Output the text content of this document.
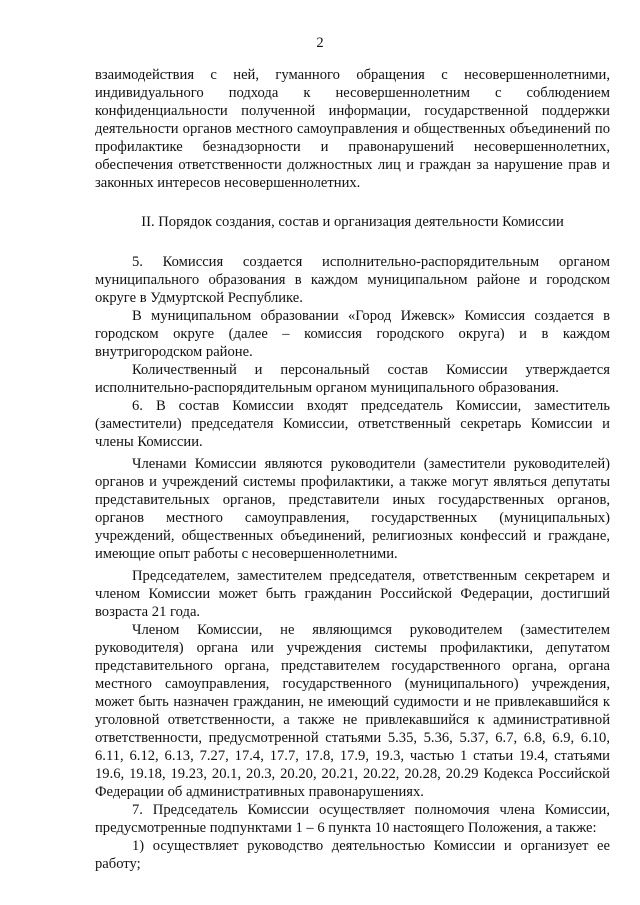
2

взаимодействия с ней, гуманного обращения с несовершеннолетними, индивидуального подхода к несовершеннолетним с соблюдением конфиденциальности полученной информации, государственной поддержки деятельности органов местного самоуправления и общественных объединений по профилактике безнадзорности и правонарушений несовершеннолетних, обеспечения ответственности должностных лиц и граждан за нарушение прав и законных интересов несовершеннолетних.

II. Порядок создания, состав и организация деятельности Комиссии

5. Комиссия создается исполнительно-распорядительным органом муниципального образования в каждом муниципальном районе и городском округе в Удмуртской Республике.

В муниципальном образовании «Город Ижевск» Комиссия создается в городском округе (далее – комиссия городского округа) и в каждом внутригородском районе.

Количественный и персональный состав Комиссии утверждается исполнительно-распорядительным органом муниципального образования.

6. В состав Комиссии входят председатель Комиссии, заместитель (заместители) председателя Комиссии, ответственный секретарь Комиссии и члены Комиссии.

Членами Комиссии являются руководители (заместители руководителей) органов и учреждений системы профилактики, а также могут являться депутаты представительных органов, представители иных государственных органов, органов местного самоуправления, государственных (муниципальных) учреждений, общественных объединений, религиозных конфессий и граждане, имеющие опыт работы с несовершеннолетними.

Председателем, заместителем председателя, ответственным секретарем и членом Комиссии может быть гражданин Российской Федерации, достигший возраста 21 года.

Членом Комиссии, не являющимся руководителем (заместителем руководителя) органа или учреждения системы профилактики, депутатом представительного органа, представителем государственного органа, органа местного самоуправления, государственного (муниципального) учреждения, может быть назначен гражданин, не имеющий судимости и не привлекавшийся к уголовной ответственности, а также не привлекавшийся к административной ответственности, предусмотренной статьями 5.35, 5.36, 5.37, 6.7, 6.8, 6.9, 6.10, 6.11, 6.12, 6.13, 7.27, 17.4, 17.7, 17.8, 17.9, 19.3, частью 1 статьи 19.4, статьями 19.6, 19.18, 19.23, 20.1, 20.3, 20.20, 20.21, 20.22, 20.28, 20.29 Кодекса Российской Федерации об административных правонарушениях.

7. Председатель Комиссии осуществляет полномочия члена Комиссии, предусмотренные подпунктами 1 – 6 пункта 10 настоящего Положения, а также:

1) осуществляет руководство деятельностью Комиссии и организует ее работу;
